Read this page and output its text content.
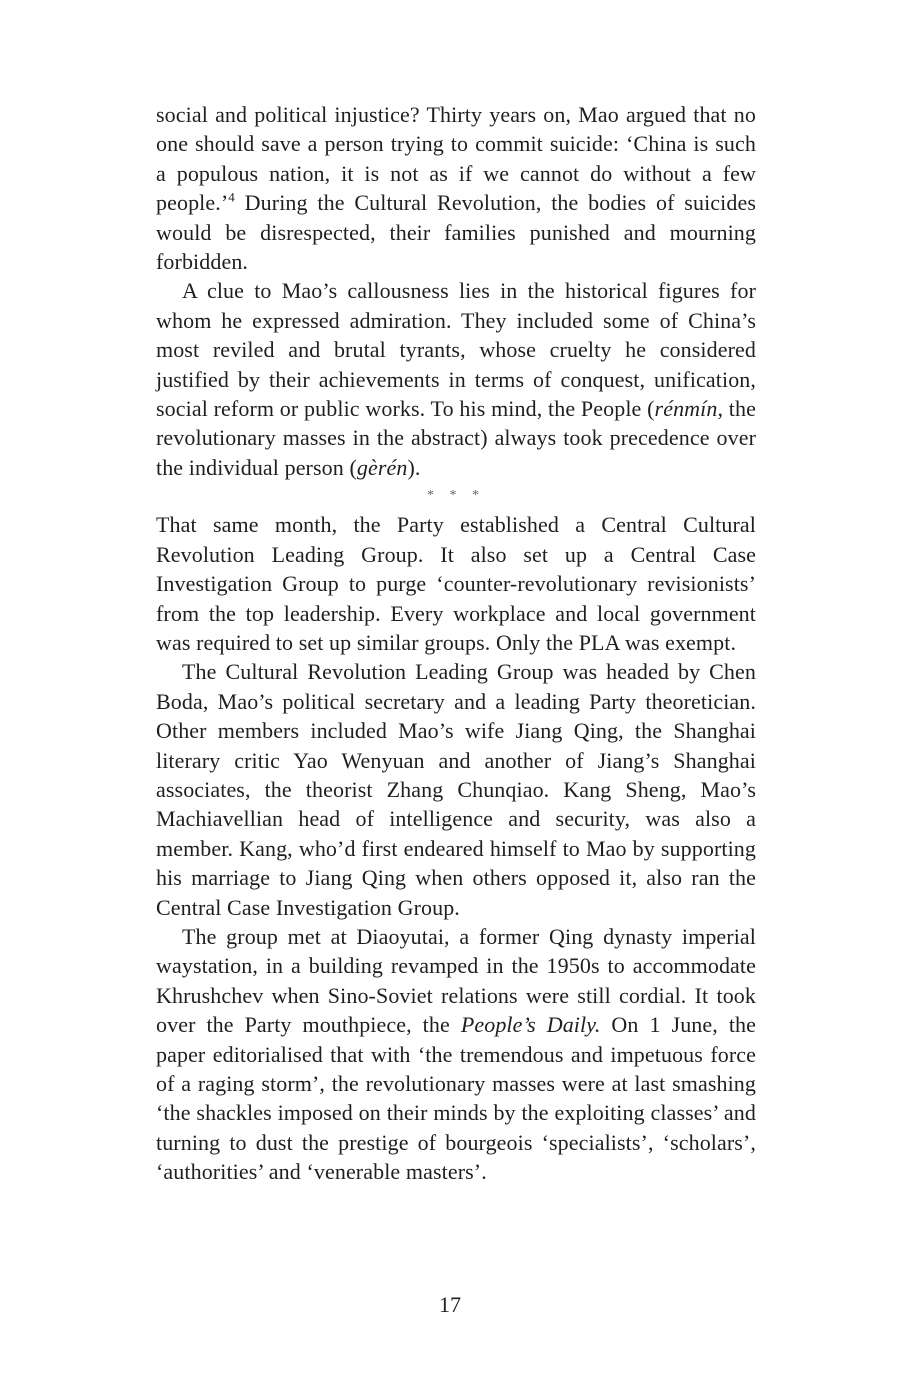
social and political injustice? Thirty years on, Mao argued that no one should save a person trying to commit suicide: ‘China is such a populous nation, it is not as if we cannot do without a few people.’$^4$ During the Cultural Revolution, the bodies of suicides would be disrespected, their families punished and mourning forbidden.

A clue to Mao’s callousness lies in the historical figures for whom he expressed admiration. They included some of China’s most reviled and brutal tyrants, whose cruelty he considered justified by their achievements in terms of conquest, unification, social reform or public works. To his mind, the People (rénmín, the revolutionary masses in the abstract) always took precedence over the individual person (gèrén).

* * *

That same month, the Party established a Central Cultural Revolution Leading Group. It also set up a Central Case Investigation Group to purge ‘counter-revolutionary revisionists’ from the top leadership. Every workplace and local government was required to set up similar groups. Only the PLA was exempt.

The Cultural Revolution Leading Group was headed by Chen Boda, Mao’s political secretary and a leading Party theoretician. Other members included Mao’s wife Jiang Qing, the Shanghai literary critic Yao Wenyuan and another of Jiang’s Shanghai associates, the theorist Zhang Chunqiao. Kang Sheng, Mao’s Machiavellian head of intelligence and security, was also a member. Kang, who’d first endeared himself to Mao by supporting his marriage to Jiang Qing when others opposed it, also ran the Central Case Investigation Group.

The group met at Diaoyutai, a former Qing dynasty imperial waystation, in a building revamped in the 1950s to accommodate Khrushchev when Sino-Soviet relations were still cordial. It took over the Party mouthpiece, the People’s Daily. On 1 June, the paper editorialised that with ‘the tremendous and impetuous force of a raging storm’, the revolutionary masses were at last smashing ‘the shackles imposed on their minds by the exploiting classes’ and turning to dust the prestige of bourgeois ‘specialists’, ‘scholars’, ‘authorities’ and ‘venerable masters’.

17
